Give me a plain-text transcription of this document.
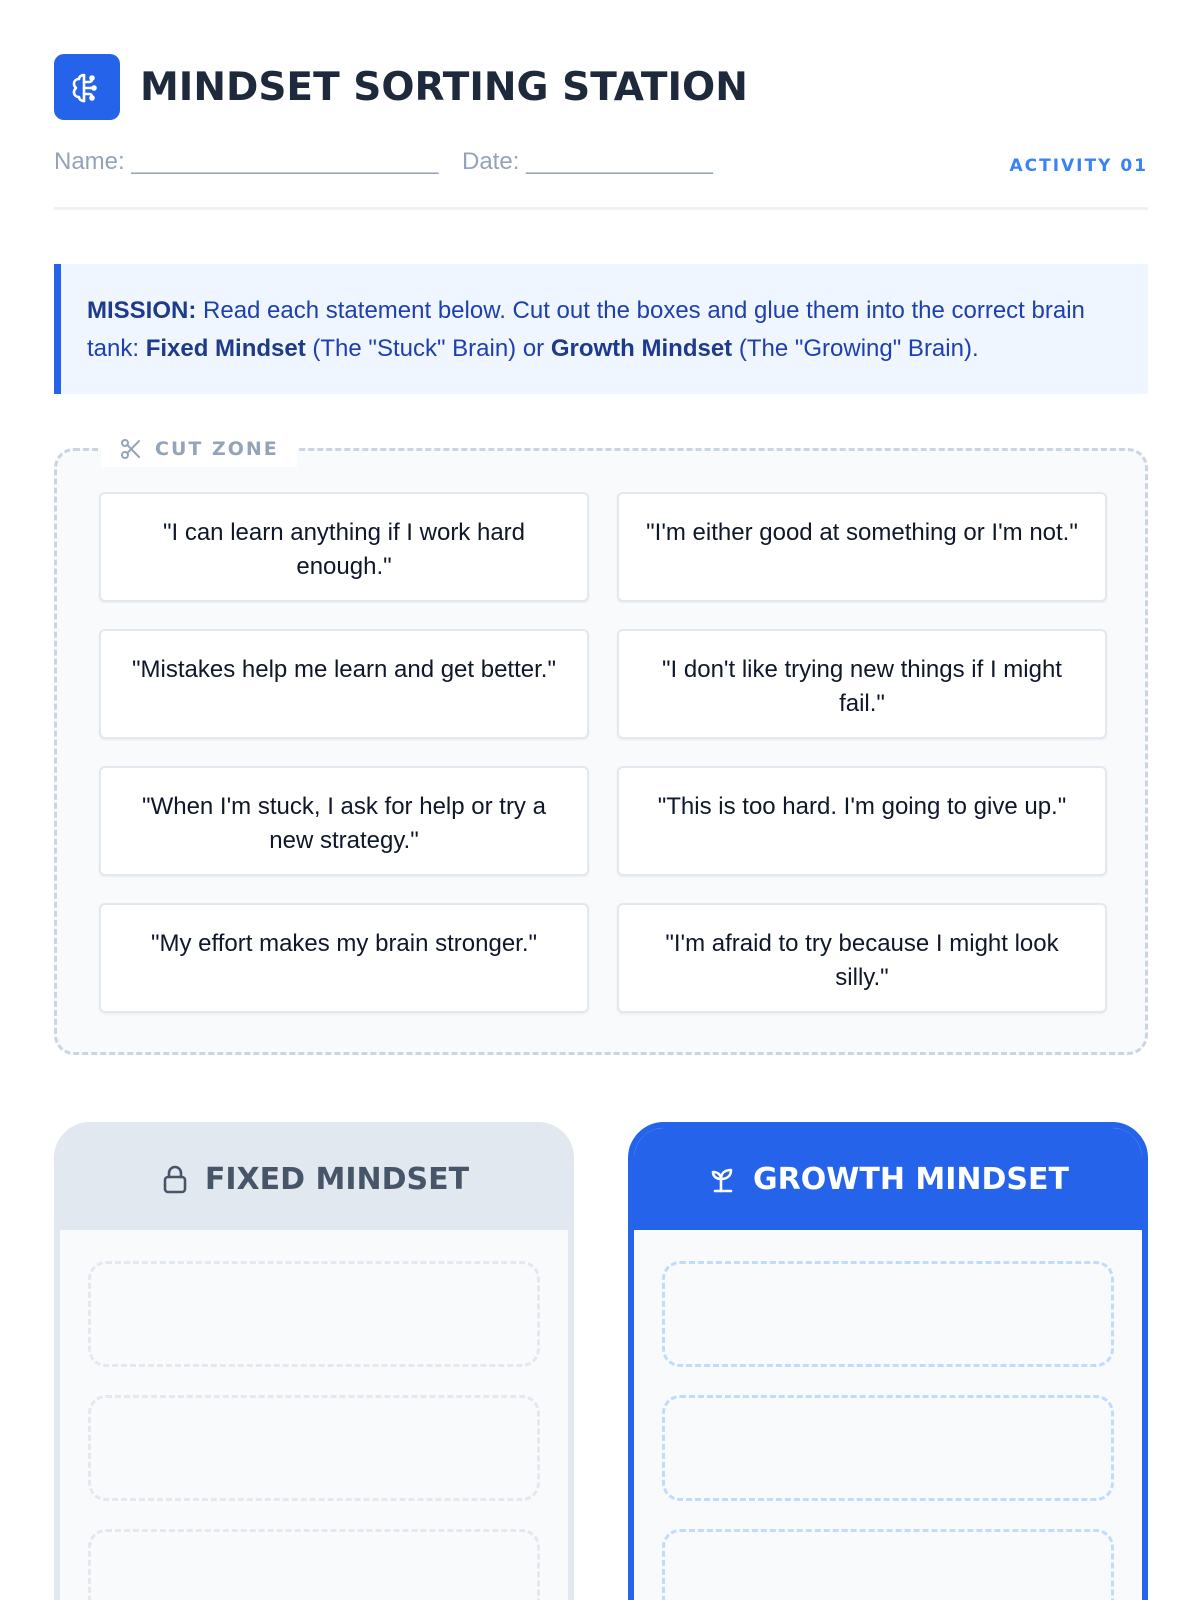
MINDSET SORTING STATION
Name: _______________________ Date: ______________	ACTIVITY 01
MISSION: Read each statement below. Cut out the boxes and glue them into the correct brain tank: Fixed Mindset (The "Stuck" Brain) or Growth Mindset (The "Growing" Brain).
CUT ZONE
"I can learn anything if I work hard enough."
"I'm either good at something or I'm not."
"Mistakes help me learn and get better."	"I don't like trying new things if I might fail."
"When I'm stuck, I ask for help or try a new strategy."
"This is too hard. I'm going to give up."
"My effort makes my brain stronger."	"I'm afraid to try because I might look silly."
FIXED MINDSET	GROWTH MINDSET
